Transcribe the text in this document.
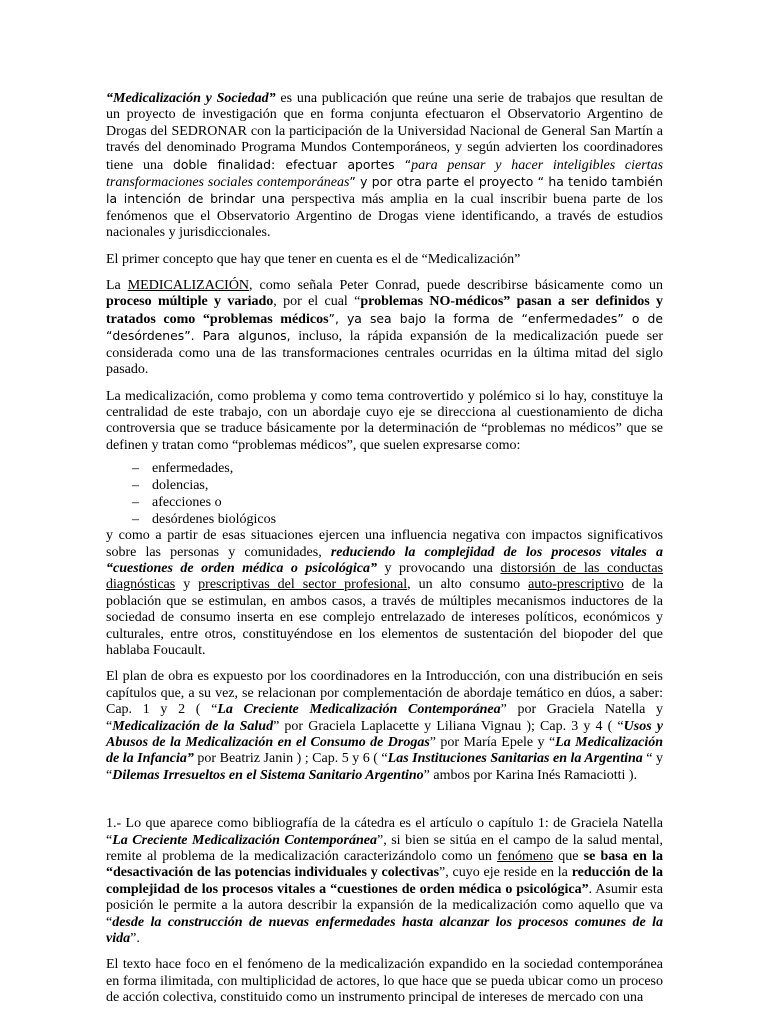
“Medicalización y Sociedad” es una publicación que reúne una serie de trabajos que resultan de un proyecto de investigación que en forma conjunta efectuaron el Observatorio Argentino de Drogas del SEDRONAR con la participación de la Universidad Nacional de General San Martín a través del denominado Programa Mundos Contemporáneos, y según advierten los coordinadores tiene una doble finalidad: efectuar aportes “para pensar y hacer inteligibles ciertas transformaciones sociales contemporáneas” y por otra parte el proyecto “ ha tenido también la intención de brindar una perspectiva más amplia en la cual inscribir buena parte de los fenómenos que el Observatorio Argentino de Drogas viene identificando, a través de estudios nacionales y jurisdiccionales.

El primer concepto que hay que tener en cuenta es el de “Medicalización”

La MEDICALIZACIÓN, como señala Peter Conrad, puede describirse básicamente como un proceso múltiple y variado, por el cual “problemas NO-médicos” pasan a ser definidos y tratados como “problemas médicos”, ya sea bajo la forma de “enfermedades” o de “desórdenes”. Para algunos, incluso, la rápida expansión de la medicalización puede ser considerada como una de las transformaciones centrales ocurridas en la última mitad del siglo pasado.

La medicalización, como problema y como tema controvertido y polémico si lo hay, constituye la centralidad de este trabajo, con un abordaje cuyo eje se direcciona al cuestionamiento de dicha controversia que se traduce básicamente por la determinación de “problemas no médicos” que se definen y tratan como “problemas médicos”, que suelen expresarse como:

– enfermedades,
– dolencias,
– afecciones o
– desórdenes biológicos

y como a partir de esas situaciones ejercen una influencia negativa con impactos significativos sobre las personas y comunidades, reduciendo la complejidad de los procesos vitales a “cuestiones de orden médica o psicológica” y provocando una distorsión de las conductas diagnósticas y prescriptivas del sector profesional, un alto consumo auto-prescriptivo de la población que se estimulan, en ambos casos, a través de múltiples mecanismos inductores de la sociedad de consumo inserta en ese complejo entrelazado de intereses políticos, económicos y culturales, entre otros, constituyéndose en los elementos de sustentación del biopoder del que hablaba Foucault.

El plan de obra es expuesto por los coordinadores en la Introducción, con una distribución en seis capítulos que, a su vez, se relacionan por complementación de abordaje temático en dúos, a saber: Cap. 1 y 2 ( “La Creciente Medicalización Contemporánea” por Graciela Natella y “Medicalización de la Salud” por Graciela Laplacette y Liliana Vignau ); Cap. 3 y 4 ( “Usos y Abusos de la Medicalización en el Consumo de Drogas” por María Epele y “La Medicalización de la Infancia” por Beatriz Janin ) ; Cap. 5 y 6 ( “Las Instituciones Sanitarias en la Argentina “ y “Dilemas Irresueltos en el Sistema Sanitario Argentino” ambos por Karina Inés Ramaciotti ).

1.- Lo que aparece como bibliografía de la cátedra es el artículo o capítulo 1: de Graciela Natella “La Creciente Medicalización Contemporánea”, si bien se sitúa en el campo de la salud mental, remite al problema de la medicalización caracterizándolo como un fenómeno que se basa en la “desactivación de las potencias individuales y colectivas”, cuyo eje reside en la reducción de la complejidad de los procesos vitales a “cuestiones de orden médica o psicológica”. Asumir esta posición le permite a la autora describir la expansión de la medicalización como aquello que va “desde la construcción de nuevas enfermedades hasta alcanzar los procesos comunes de la vida”.

El texto hace foco en el fenómeno de la medicalización expandido en la sociedad contemporánea en forma ilimitada, con multiplicidad de actores, lo que hace que se pueda ubicar como un proceso de acción colectiva, constituido como un instrumento principal de intereses de mercado con una
